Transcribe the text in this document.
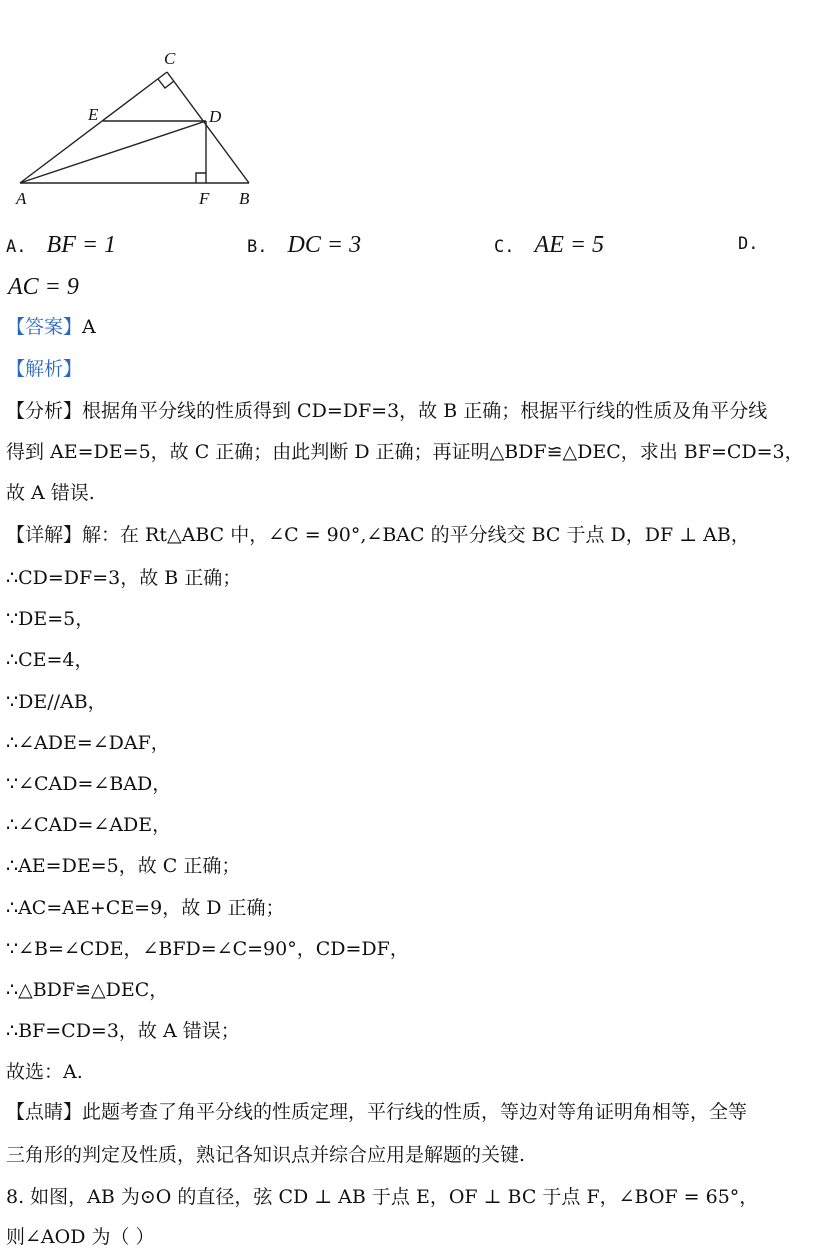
C
E	D
A	F B
A. BF = 1	B. DC = 3	C. AE = 5	D.
AC = 9
【答案】A
【解析】
【分析】根据角平分线的性质得到 CD=DF=3，故 B 正确；根据平行线的性质及角平分线
得到 AE=DE=5，故 C 正确；由此判断 D 正确；再证明△BDF≌△DEC，求出 BF=CD=3，
故 A 错误.
【详解】解：在 Rt△ABC 中，∠C = 90°,∠BAC 的平分线交 BC 于点 D，DF ⊥ AB，
∴CD=DF=3，故 B 正确；
∵DE=5，
∴CE=4，
∵DE//AB，
∴∠ADE=∠DAF，
∵∠CAD=∠BAD，
∴∠CAD=∠ADE，
∴AE=DE=5，故 C 正确；
∴AC=AE+CE=9，故 D 正确；
∵∠B=∠CDE，∠BFD=∠C=90°，CD=DF，
∴△BDF≌△DEC，
∴BF=CD=3，故 A 错误；
故选：A.
【点睛】此题考查了角平分线的性质定理，平行线的性质，等边对等角证明角相等，全等
三角形的判定及性质，熟记各知识点并综合应用是解题的关键.
8. 如图，AB 为⊙O 的直径，弦 CD ⊥ AB 于点 E，OF ⊥ BC 于点 F，∠BOF = 65°，
则∠AOD 为（ ）
